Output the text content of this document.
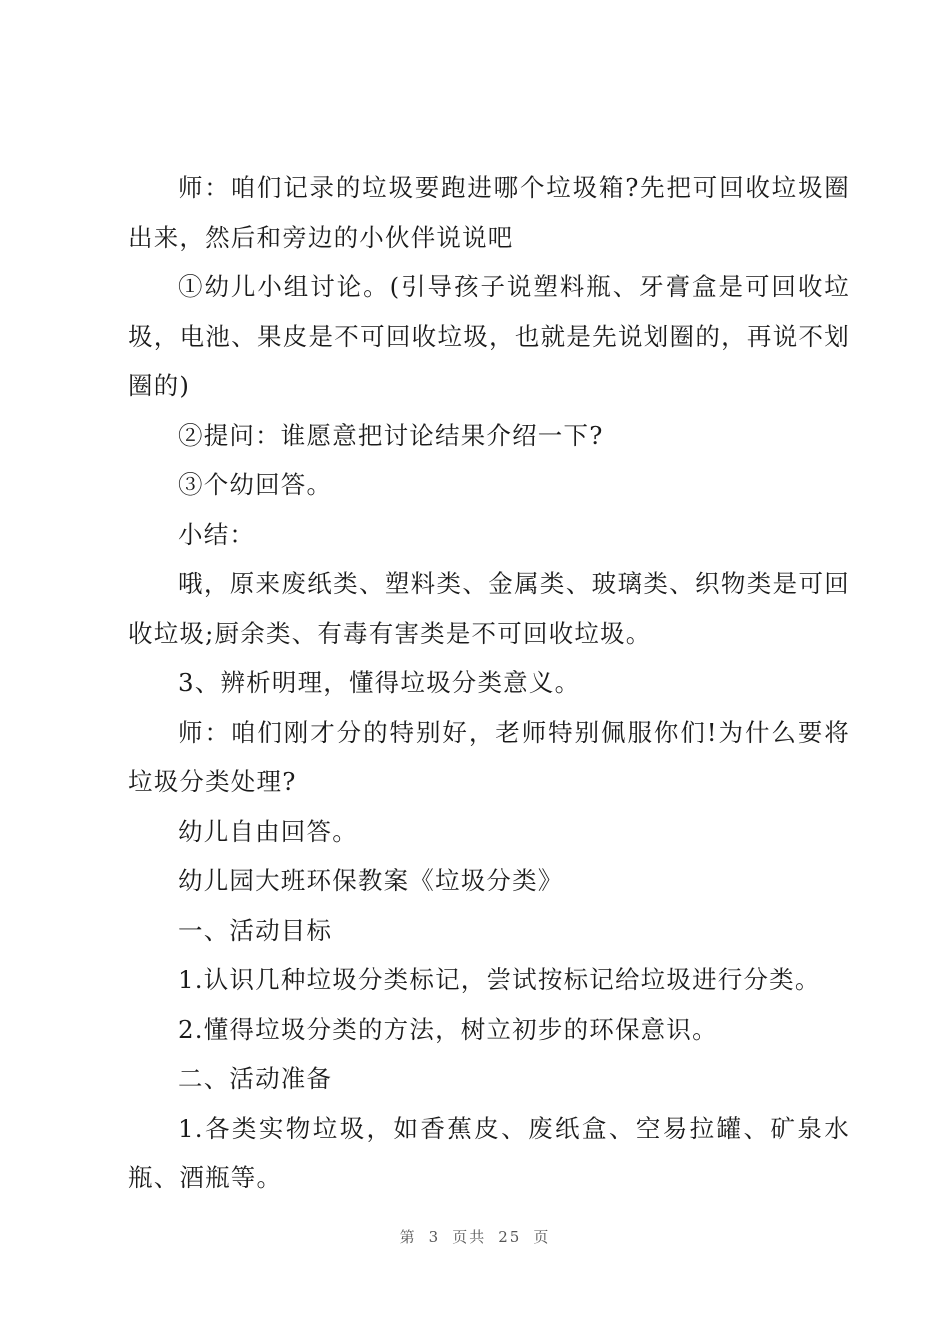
师：咱们记录的垃圾要跑进哪个垃圾箱?先把可回收垃圾圈出来，然后和旁边的小伙伴说说吧

①幼儿小组讨论。(引导孩子说塑料瓶、牙膏盒是可回收垃圾，电池、果皮是不可回收垃圾，也就是先说划圈的，再说不划圈的)

②提问：谁愿意把讨论结果介绍一下?

③个幼回答。

小结：

哦，原来废纸类、塑料类、金属类、玻璃类、织物类是可回收垃圾;厨余类、有毒有害类是不可回收垃圾。

3、辨析明理，懂得垃圾分类意义。

师：咱们刚才分的特别好，老师特别佩服你们!为什么要将垃圾分类处理?

幼儿自由回答。

幼儿园大班环保教案《垃圾分类》

一、活动目标

1.认识几种垃圾分类标记，尝试按标记给垃圾进行分类。

2.懂得垃圾分类的方法，树立初步的环保意识。

二、活动准备

1.各类实物垃圾，如香蕉皮、废纸盒、空易拉罐、矿泉水瓶、酒瓶等。

第 3 页共 25 页
